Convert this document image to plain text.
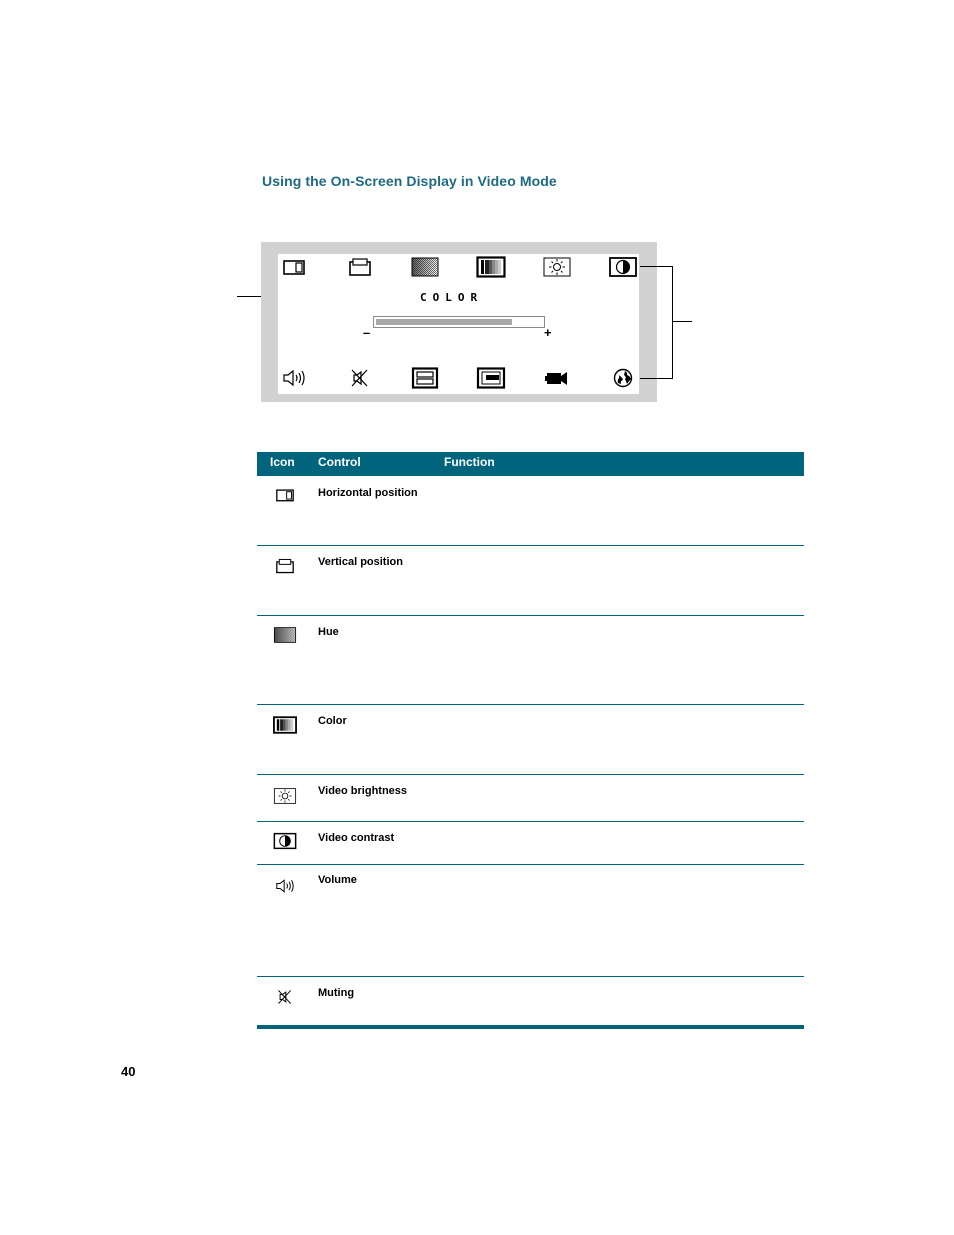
Using the On-Screen Display in Video Mode
COLOR
–	+
Icon Control	Function
Horizontal position
Vertical position
Hue
Color
Video brightness
Video contrast
Volume
Muting
40
